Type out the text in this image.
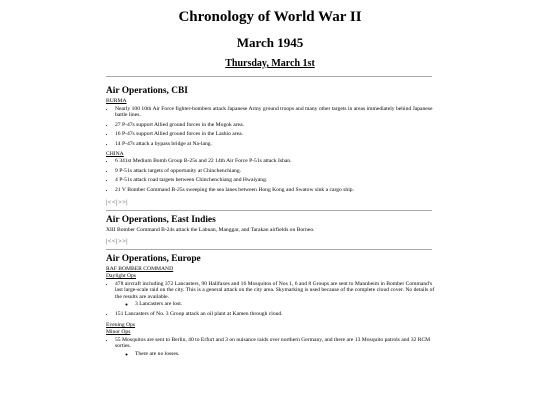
Chronology of World War II
March 1945
Thursday, March 1st
Air Operations, CBI
BURMA
• Nearly 100 10th Air Force fighter-bombers attack Japanese Army ground troops and many other targets in areas immediately behind Japanese battle lines.
• 27 P-47s support Allied ground forces in the Mogok area.
• 16 P-47s support Allied ground forces in the Lashio area.
• 14 P-47s attack a bypass bridge at Na-lang.
CHINA
• 6 341st Medium Bomb Group B-25s and 22 14th Air Force P-51s attack Ishan.
• 9 P-51s attack targets of opportunity at Chinchenchiang.
• 4 P-51s attack road targets between Chinchenchiang and Hwaiyang.
• 21 V Bomber Command B-25s sweeping the sea lanes between Hong Kong and Swatow sink a cargo ship.
|<<|>>|
Air Operations, East Indies
XIII Bomber Command B-24s attack the Labuan, Manggar, and Tarakan airfields on Borneo.
|<<|>>|
Air Operations, Europe
RAF BOMBER COMMAND
Daylight Ops
• 478 aircraft including 372 Lancasters, 90 Halifaxes and 16 Mosquitos of Nos 1, 6 and 8 Groups are sent to Mannheim in Bomber Command's last large-scale raid on the city. This is a general attack on the city area. Skymarking is used because of the complete cloud cover. No details of the results are available.
◦ 3 Lancasters are lost.
• 151 Lancasters of No. 3 Group attack an oil plant at Kamen through cloud.
Evening Ops
Minor Ops
• 55 Mosquitos are sent to Berlin, 40 to Erfurt and 3 on nuisance raids over northern Germany, and there are 13 Mosquito patrols and 32 RCM sorties.
◦ There are no losses.
